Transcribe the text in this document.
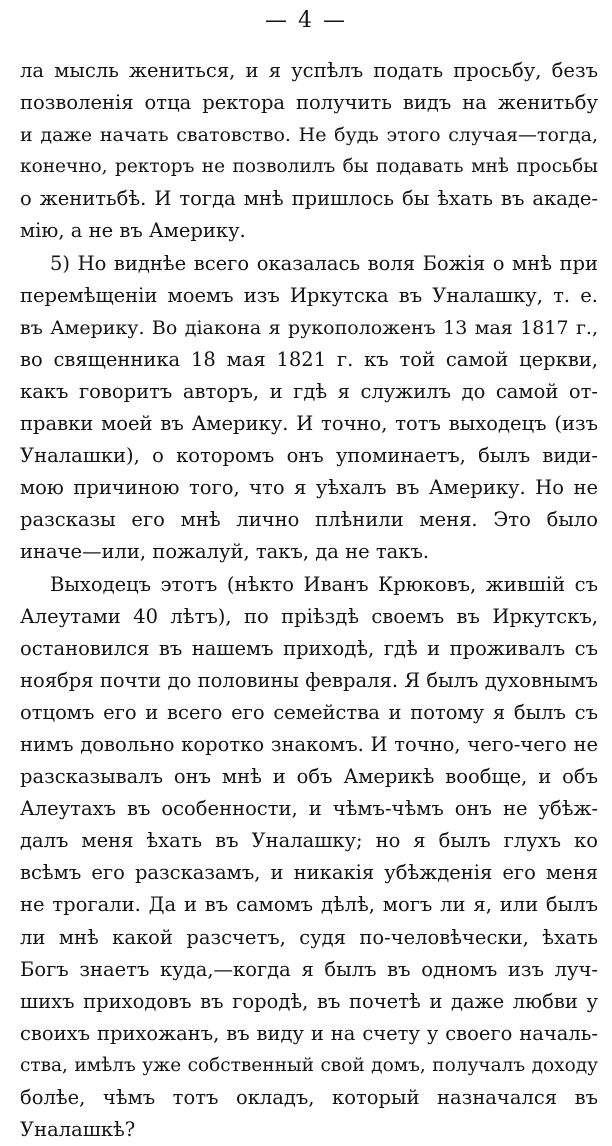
— 4 —
ла мысль жениться, и я успѣлъ подать просьбу, безъ
позволенія отца ректора получить видъ на женитьбу
и даже начать сватовство. Не будь этого случая—тогда,
конечно, ректоръ не позволилъ бы подавать мнѣ просьбы
о женитьбѣ. И тогда мнѣ пришлось бы ѣхать въ акаде-
мію, а не въ Америку.
5) Но виднѣе всего оказалась воля Божія о мнѣ при
перемѣщеніи моемъ изъ Иркутска въ Уналашку, т. е.
въ Америку. Во діакона я рукоположенъ 13 мая 1817 г.,
во священника 18 мая 1821 г. къ той самой церкви,
какъ говоритъ авторъ, и гдѣ я служилъ до самой от-
правки моей въ Америку. И точно, тотъ выходецъ (изъ
Уналашки), о которомъ онъ упоминаетъ, былъ види-
мою причиною того, что я уѣхалъ въ Америку. Но не
разсказы его мнѣ лично плѣнили меня. Это было
иначе—или, пожалуй, такъ, да не такъ.
Выходецъ этотъ (нѣкто Иванъ Крюковъ, жившій съ
Алеутами 40 лѣтъ), по пріѣздѣ своемъ въ Иркутскъ,
остановился въ нашемъ приходѣ, гдѣ и проживалъ съ
ноября почти до половины февраля. Я былъ духовнымъ
отцомъ его и всего его семейства и потому я былъ съ
нимъ довольно коротко знакомъ. И точно, чего-чего не
разсказывалъ онъ мнѣ и объ Америкѣ вообще, и объ
Алеутахъ въ особенности, и чѣмъ-чѣмъ онъ не убѣж-
далъ меня ѣхать въ Уналашку; но я былъ глухъ ко
всѣмъ его разсказамъ, и никакія убѣжденія его меня
не трогали. Да и въ самомъ дѣлѣ, могъ ли я, или былъ
ли мнѣ какой разсчетъ, судя по-человѣчески, ѣхать
Богъ знаетъ куда,—когда я былъ въ одномъ изъ луч-
шихъ приходовъ въ городѣ, въ почетѣ и даже любви у
своихъ прихожанъ, въ виду и на счету у своего началь-
ства, имѣлъ уже собственный свой домъ, получалъ доходу
болѣе, чѣмъ тотъ окладъ, который назначался въ
Уналашкѣ?
